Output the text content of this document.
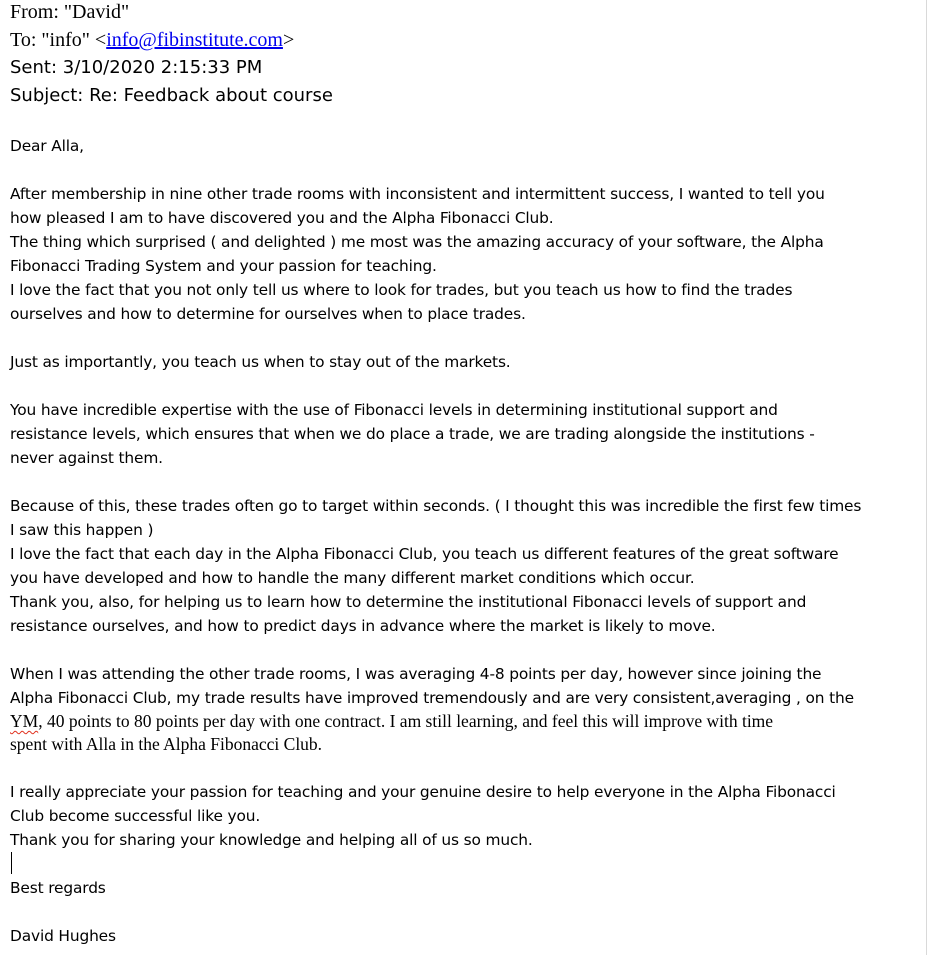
From: "David"
To: "info" <info@fibinstitute.com>
Sent: 3/10/2020 2:15:33 PM
Subject: Re: Feedback about course
Dear Alla,
After membership in nine other trade rooms with inconsistent and intermittent success, I wanted to tell you
how pleased I am to have discovered you and the Alpha Fibonacci Club.
The thing which surprised ( and delighted ) me most was the amazing accuracy of your software, the Alpha
Fibonacci Trading System and your passion for teaching.
I love the fact that you not only tell us where to look for trades, but you teach us how to find the trades
ourselves and how to determine for ourselves when to place trades.
Just as importantly, you teach us when to stay out of the markets.
You have incredible expertise with the use of Fibonacci levels in determining institutional support and
resistance levels, which ensures that when we do place a trade, we are trading alongside the institutions -
never against them.
Because of this, these trades often go to target within seconds. ( I thought this was incredible the first few times
I saw this happen )
I love the fact that each day in the Alpha Fibonacci Club, you teach us different features of the great software
you have developed and how to handle the many different market conditions which occur.
Thank you, also, for helping us to learn how to determine the institutional Fibonacci levels of support and
resistance ourselves, and how to predict days in advance where the market is likely to move.
When I was attending the other trade rooms, I was averaging 4-8 points per day, however since joining the
Alpha Fibonacci Club, my trade results have improved tremendously and are very consistent,averaging , on the
YM, 40 points to 80 points per day with one contract. I am still learning, and feel this will improve with time
spent with Alla in the Alpha Fibonacci Club.
I really appreciate your passion for teaching and your genuine desire to help everyone in the Alpha Fibonacci
Club become successful like you.
Thank you for sharing your knowledge and helping all of us so much.
Best regards
David Hughes
